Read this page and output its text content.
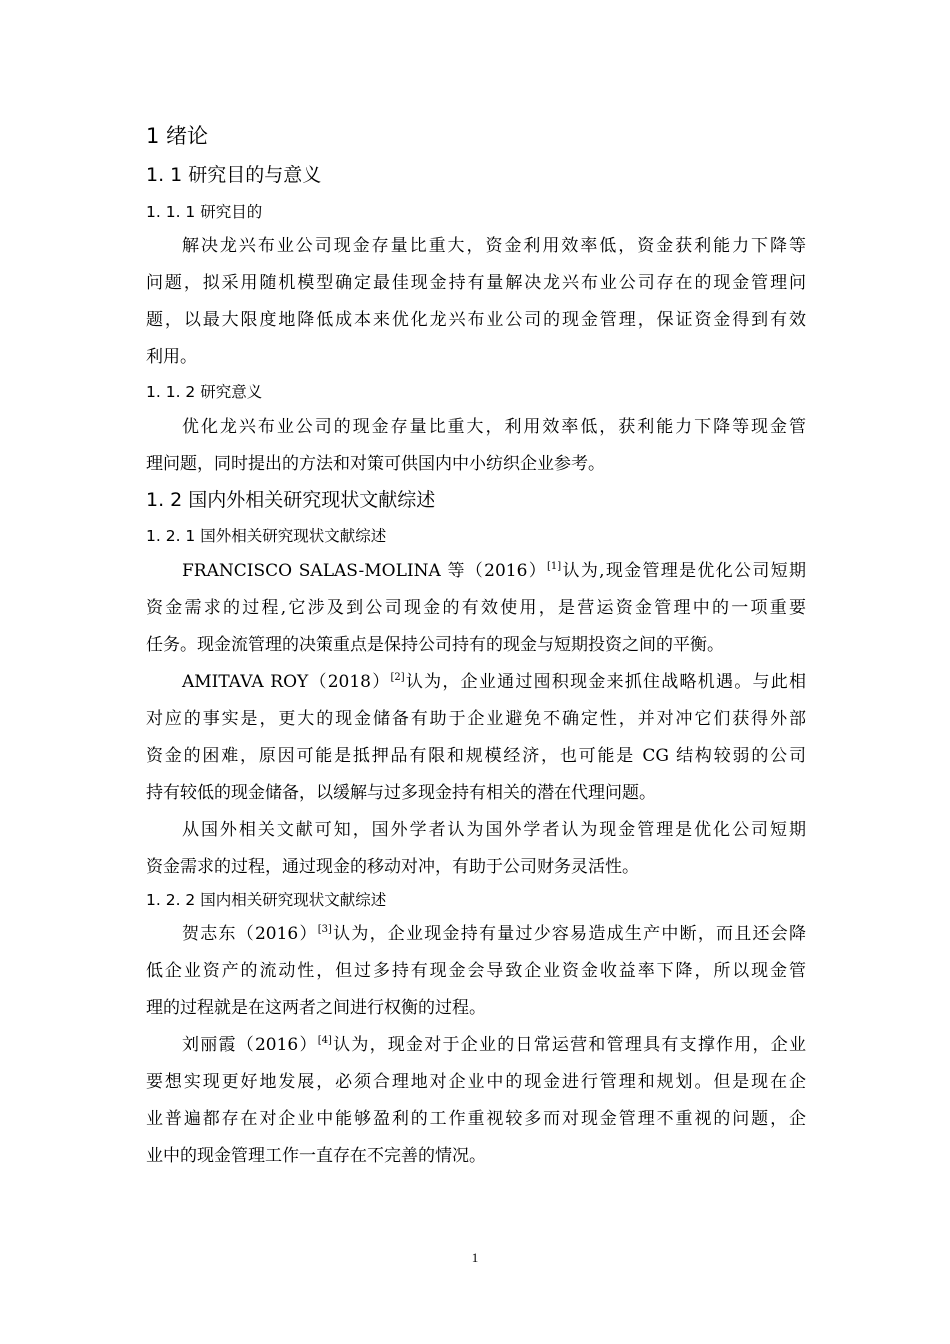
1 绪论
1. 1 研究目的与意义
1. 1. 1 研究目的
解决龙兴布业公司现金存量比重大，资金利用效率低，资金获利能力下降等
问题，拟采用随机模型确定最佳现金持有量解决龙兴布业公司存在的现金管理问
题，以最大限度地降低成本来优化龙兴布业公司的现金管理，保证资金得到有效
利用。
1. 1. 2 研究意义
优化龙兴布业公司的现金存量比重大，利用效率低，获利能力下降等现金管
理问题，同时提出的方法和对策可供国内中小纺织企业参考。
1. 2 国内外相关研究现状文献综述
1. 2. 1 国外相关研究现状文献综述
FRANCISCO SALAS-MOLINA 等（2016）[1]认为,现金管理是优化公司短期
资金需求的过程,它涉及到公司现金的有效使用，是营运资金管理中的一项重要
任务。现金流管理的决策重点是保持公司持有的现金与短期投资之间的平衡。
AMITAVA ROY（2018）[2]认为，企业通过囤积现金来抓住战略机遇。与此相
对应的事实是，更大的现金储备有助于企业避免不确定性，并对冲它们获得外部
资金的困难，原因可能是抵押品有限和规模经济，也可能是 CG 结构较弱的公司
持有较低的现金储备，以缓解与过多现金持有相关的潜在代理问题。
从国外相关文献可知，国外学者认为国外学者认为现金管理是优化公司短期
资金需求的过程，通过现金的移动对冲，有助于公司财务灵活性。
1. 2. 2 国内相关研究现状文献综述
贺志东（2016）[3]认为，企业现金持有量过少容易造成生产中断，而且还会降
低企业资产的流动性，但过多持有现金会导致企业资金收益率下降，所以现金管
理的过程就是在这两者之间进行权衡的过程。
刘丽霞（2016）[4]认为，现金对于企业的日常运营和管理具有支撑作用，企业
要想实现更好地发展，必须合理地对企业中的现金进行管理和规划。但是现在企
业普遍都存在对企业中能够盈利的工作重视较多而对现金管理不重视的问题，企
业中的现金管理工作一直存在不完善的情况。
1
